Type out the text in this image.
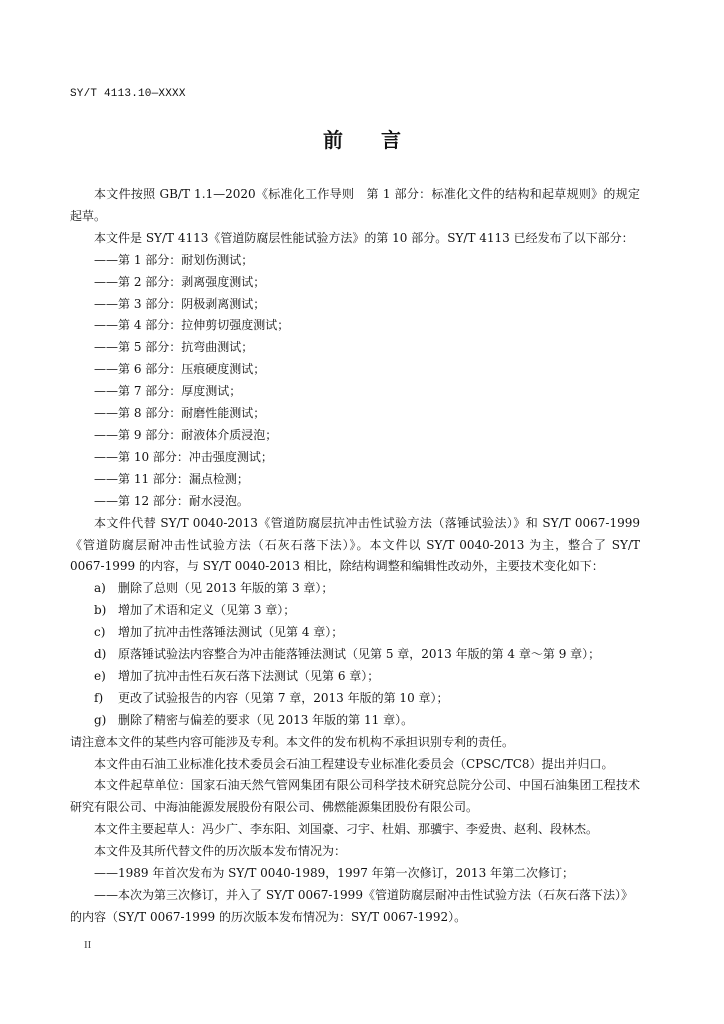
SY/T 4113.10—XXXX
前 言

本文件按照 GB/T 1.1—2020《标准化工作导则　第 1 部分：标准化文件的结构和起草规则》的规定起草。

本文件是 SY/T 4113《管道防腐层性能试验方法》的第 10 部分。SY/T 4113 已经发布了以下部分：

——第 1 部分：耐划伤测试；

——第 2 部分：剥离强度测试；

——第 3 部分：阴极剥离测试；

——第 4 部分：拉伸剪切强度测试；

——第 5 部分：抗弯曲测试；

——第 6 部分：压痕硬度测试；

——第 7 部分：厚度测试；

——第 8 部分：耐磨性能测试；

——第 9 部分：耐液体介质浸泡；

——第 10 部分：冲击强度测试；

——第 11 部分：漏点检测；

——第 12 部分：耐水浸泡。

本文件代替 SY/T 0040-2013《管道防腐层抗冲击性试验方法（落锤试验法）》和 SY/T 0067-1999《管道防腐层耐冲击性试验方法（石灰石落下法）》。本文件以 SY/T 0040-2013 为主，整合了 SY/T 0067-1999 的内容，与 SY/T 0040-2013 相比，除结构调整和编辑性改动外，主要技术变化如下：

a)	删除了总则（见 2013 年版的第 3 章）；
b) 增加了术语和定义（见第 3 章）；
c)	增加了抗冲击性落锤法测试（见第 4 章）；
d) 原落锤试验法内容整合为冲击能落锤法测试（见第 5 章，2013 年版的第 4 章～第 9 章）；
e)	增加了抗冲击性石灰石落下法测试（见第 6 章）；
f)	更改了试验报告的内容（见第 7 章，2013 年版的第 10 章）；
g) 删除了精密与偏差的要求（见 2013 年版的第 11 章）。

请注意本文件的某些内容可能涉及专利。本文件的发布机构不承担识别专利的责任。

本文件由石油工业标准化技术委员会石油工程建设专业标准化委员会（CPSC/TC8）提出并归口。

本文件起草单位：国家石油天然气管网集团有限公司科学技术研究总院分公司、中国石油集团工程技术研究有限公司、中海油能源发展股份有限公司、佛燃能源集团股份有限公司。

本文件主要起草人：冯少广、李东阳、刘国豪、刁宇、杜娟、那骥宇、李爱贵、赵利、段林杰。

本文件及其所代替文件的历次版本发布情况为：

——1989 年首次发布为 SY/T 0040-1989，1997 年第一次修订，2013 年第二次修订；

——本次为第三次修订，并入了 SY/T 0067-1999《管道防腐层耐冲击性试验方法（石灰石落下法）》的内容（SY/T 0067-1999 的历次版本发布情况为：SY/T 0067-1992）。

II
